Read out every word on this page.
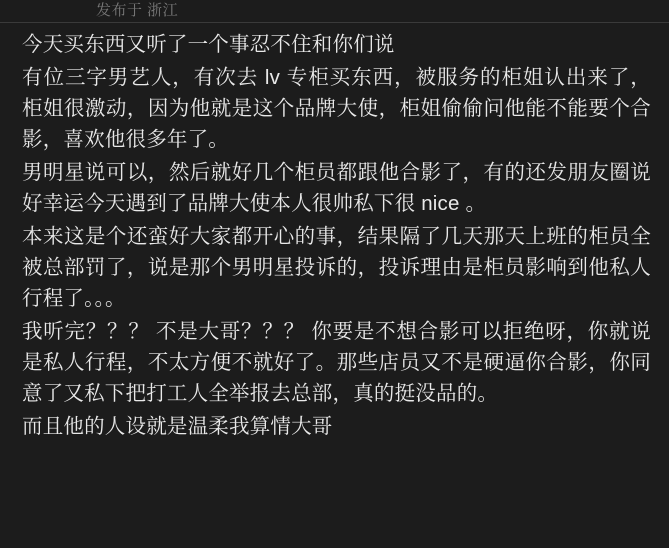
发布于 浙江

今天买东西又听了一个事忍不住和你们说

有位三字男艺人，有次去 lv 专柜买东西，被服务的柜姐认出来了， 柜姐很激动，因为他就是这个品牌大使，柜姐偷偷问他能不能要个合影，喜欢他很多年了。

男明星说可以，然后就好几个柜员都跟他合影了，有的还发朋友圈说好幸运今天遇到了品牌大使本人很帅私下很 nice 。

本来这是个还蛮好大家都开心的事，结果隔了几天那天上班的柜员全被总部罚了，说是那个男明星投诉的，投诉理由是柜员影响到他私人行程了。。。

我听完？？？ 不是大哥？？？ 你要是不想合影可以拒绝呀，你就说是私人行程，不太方便不就好了。那些店员又不是硬逼你合影，你同意了又私下把打工人全举报去总部，真的挺没品的。

而且他的人设就是温柔我算情大哥
